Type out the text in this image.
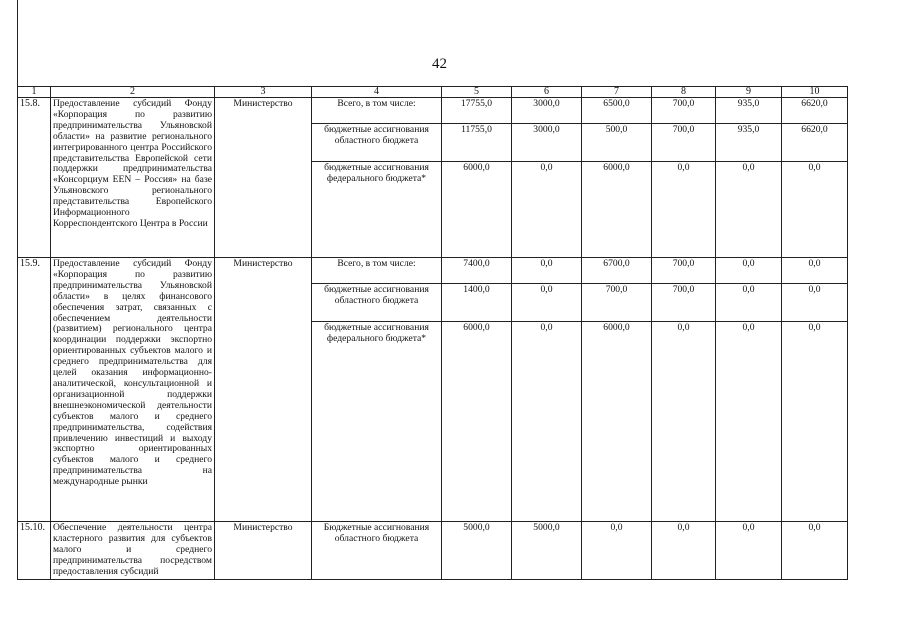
42
1	2	3	4	5	6	7	8	9	10
15.8.	Предоставление субсидий Фонду «Корпорация по развитию предпринимательства Ульяновской области» на развитие регионального интегрированного центра Российского представительства Европейской сети поддержки предпринимательства «Консорциум EEN – Россия» на базе Ульяновского регионального представительства Европейского Информационного Корреспондентского Центра в России	Министерство	Всего, в том числе:	17755,0	3000,0	6500,0	700,0	935,0	6620,0
			бюджетные ассигнования областного бюджета	11755,0	3000,0	500,0	700,0	935,0	6620,0
			бюджетные ассигнования федерального бюджета*	6000,0	0,0	6000,0	0,0	0,0	0,0
15.9.	Предоставление субсидий Фонду «Корпорация по развитию предпринимательства Ульяновской области» в целях финансового обеспечения затрат, связанных с обеспечением деятельности (развитием) регионального центра координации поддержки экспортно ориентированных субъектов малого и среднего предпринимательства для целей оказания информационно-аналитической, консультационной и организационной поддержки внешнеэкономической деятельности субъектов малого и среднего предпринимательства, содействия привлечению инвестиций и выходу экспортно ориентированных субъектов малого и среднего предпринимательства на международные рынки	Министерство	Всего, в том числе:	7400,0	0,0	6700,0	700,0	0,0	0,0
			бюджетные ассигнования областного бюджета	1400,0	0,0	700,0	700,0	0,0	0,0
			бюджетные ассигнования федерального бюджета*	6000,0	0,0	6000,0	0,0	0,0	0,0
15.10.	Обеспечение деятельности центра кластерного развития для субъектов малого и среднего предпринимательства посредством предоставления субсидий	Министерство	Бюджетные ассигнования областного бюджета	5000,0	5000,0	0,0	0,0	0,0	0,0
